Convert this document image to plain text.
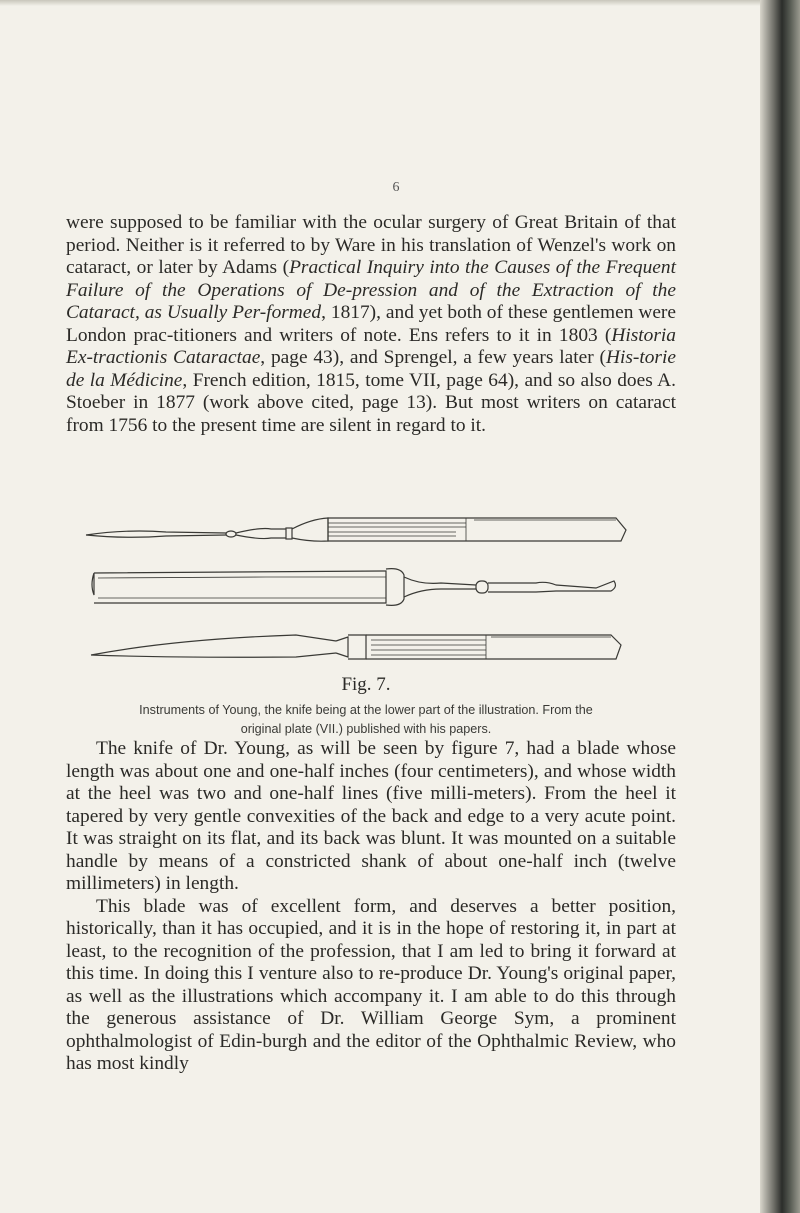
6

were supposed to be familiar with the ocular surgery of Great Britain of that period. Neither is it referred to by Ware in his translation of Wenzel's work on cataract, or later by Adams (Practical Inquiry into the Causes of the Frequent Failure of the Operations of De-pression and of the Extraction of the Cataract, as Usually Per-formed, 1817), and yet both of these gentlemen were London prac-titioners and writers of note. Ens refers to it in 1803 (Historia Ex-tractionis Cataractae, page 43), and Sprengel, a few years later (His-torie de la Médicine, French edition, 1815, tome VII, page 64), and so also does A. Stoeber in 1877 (work above cited, page 13). But most writers on cataract from 1756 to the present time are silent in regard to it.

Fig. 7.
Instruments of Young, the knife being at the lower part of the illustration. From the
original plate (VII.) published with his papers.

The knife of Dr. Young, as will be seen by figure 7, had a blade whose length was about one and one-half inches (four centimeters), and whose width at the heel was two and one-half lines (five milli-meters). From the heel it tapered by very gentle convexities of the back and edge to a very acute point. It was straight on its flat, and its back was blunt. It was mounted on a suitable handle by means of a constricted shank of about one-half inch (twelve millimeters) in length.

This blade was of excellent form, and deserves a better position, historically, than it has occupied, and it is in the hope of restoring it, in part at least, to the recognition of the profession, that I am led to bring it forward at this time. In doing this I venture also to re-produce Dr. Young's original paper, as well as the illustrations which accompany it. I am able to do this through the generous assistance of Dr. William George Sym, a prominent ophthalmologist of Edin-burgh and the editor of the Ophthalmic Review, who has most kindly
